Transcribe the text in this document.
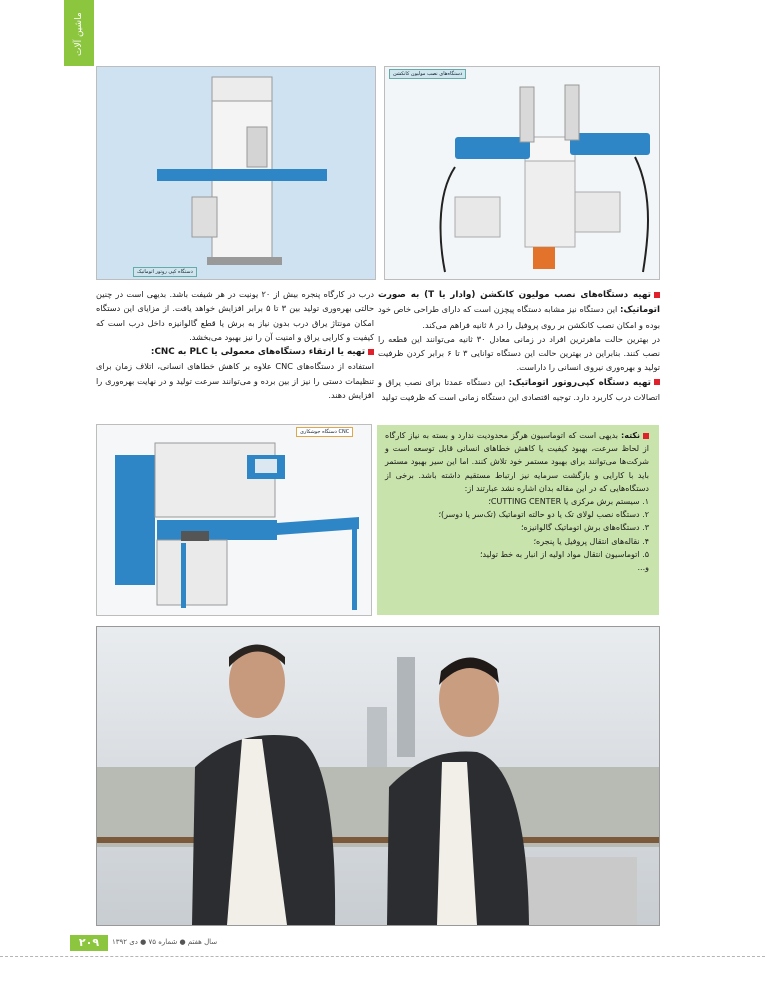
ماشین آلات
دستگاه‌های نصب مولیون کانکشن
دستگاه کپی روتور اتوماتیک

تهیه دستگاه‌های نصب مولیون کانکشن (وادار یا T) به صورت اتوماتیک: این دستگاه نیز مشابه دستگاه پیچزن است که دارای طراحی خاص خود بوده و امکان نصب کانکشن بر روی پروفیل را در ۸ ثانیه فراهم می‌کند.

در بهترین حالت ماهرترین افراد در زمانی معادل ۳۰ ثانیه می‌توانند این قطعه را نصب کنند. بنابراین در بهترین حالت این دستگاه توانایی ۳ تا ۶ برابر کردن ظرفیت تولید و بهره‌وری نیروی انسانی را داراست.

تهیه دستگاه کپی‌روتور اتوماتیک: این دستگاه عمدتا برای نصب یراق و اتصالات درب کاربرد دارد. توجیه اقتصادی این دستگاه زمانی است که ظرفیت تولید

درب در کارگاه پنجره بیش از ۲۰ یونیت در هر شیفت باشد. بدیهی است در چنین حالتی بهره‌وری تولید بین ۳ تا ۵ برابر افزایش خواهد یافت. از مزایای این دستگاه امکان مونتاژ یراق درب بدون نیاز به برش یا قطع گالوانیزه داخل درب است که کیفیت و کارایی یراق و امنیت آن را نیز بهبود می‌بخشد.

تهیه یا ارتقاء دستگاه‌های معمولی یا PLC به CNC:

استفاده از دستگاه‌های CNC علاوه بر کاهش خطاهای انسانی، اتلاف زمان برای تنظیمات دستی را نیز از بین برده و می‌توانند سرعت تولید و در نهایت بهره‌وری را افزایش دهند.

دستگاه جوشکاری CNC	نکته: بدیهی است که اتوماسیون هرگز محدودیت ندارد و بسته به نیاز کارگاه از لحاظ سرعت، بهبود کیفیت یا کاهش خطاهای انسانی قابل توسعه است و شرکت‌ها می‌توانند برای بهبود مستمر خود تلاش کنند. اما این سیر بهبود مستمر باید با کارایی و بازگشت سرمایه نیز ارتباط مستقیم داشته باشد. برخی از دستگاه‌هایی که در این مقاله بدان اشاره نشد عبارتند از:

۱. سیستم برش مرکزی یا CUTTING CENTER؛
۲. دستگاه نصب لولای تک یا دو حالته اتوماتیک (تک‌سر یا دوسر)؛
۳. دستگاه‌های برش اتوماتیک گالوانیزه؛
۴. نقاله‌های انتقال پروفیل یا پنجره؛
۵. اتوماسیون انتقال مواد اولیه از انبار به خط تولید؛
و...
۲۰۹	سال هفتم ● شماره ۷۵ ● دی ۱۳۹۲
